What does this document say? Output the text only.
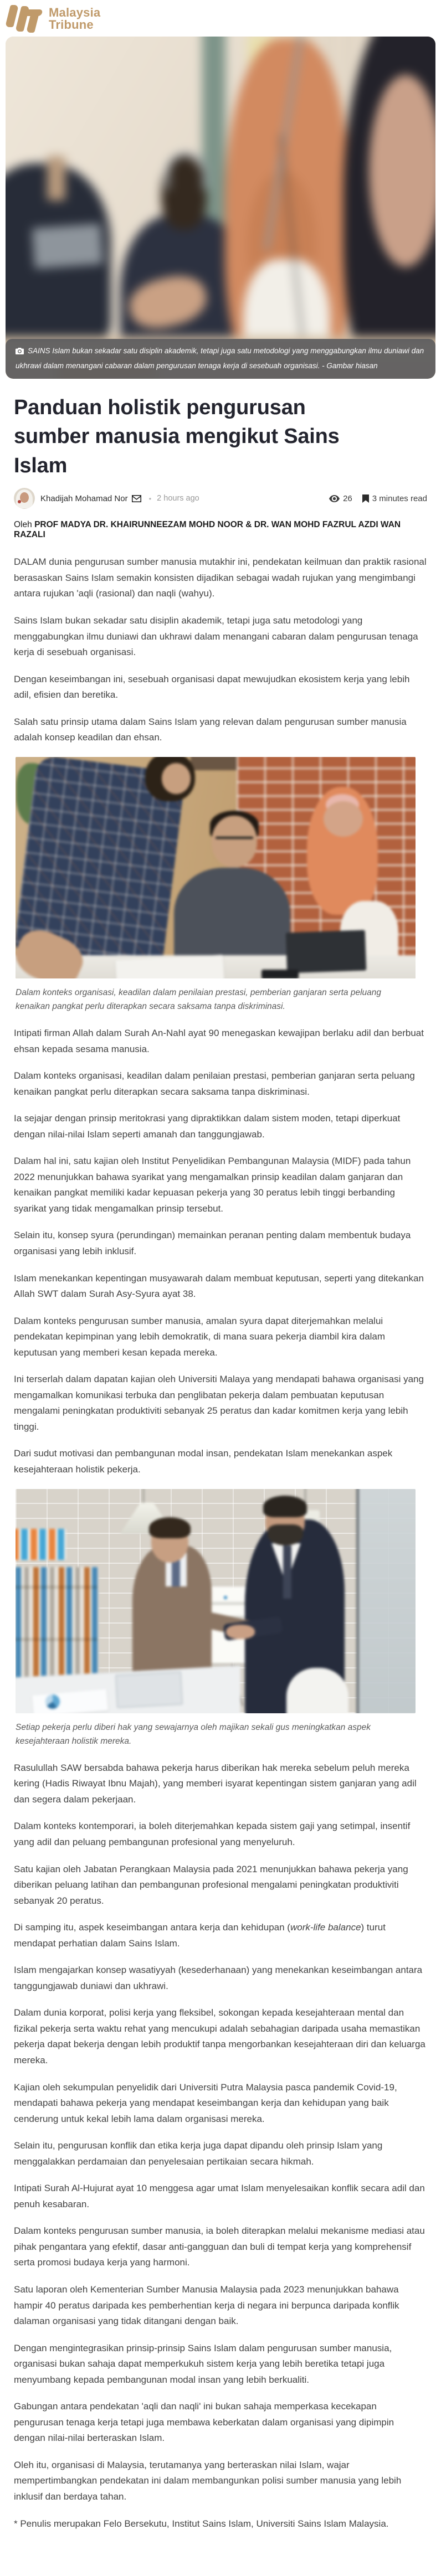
Malaysia
Tribune
SAINS Islam bukan sekadar satu disiplin akademik, tetapi juga satu metodologi yang menggabungkan ilmu duniawi dan ukhrawi dalam menangani cabaran dalam pengurusan tenaga kerja di sesebuah organisasi. - Gambar hiasan
Panduan holistik pengurusan sumber manusia mengikut Sains Islam
Khadijah Mohamad Nor	• 2 hours ago	26 3 minutes read

Oleh PROF MADYA DR. KHAIRUNNEEZAM MOHD NOOR & DR. WAN MOHD FAZRUL AZDI WAN RAZALI

DALAM dunia pengurusan sumber manusia mutakhir ini, pendekatan keilmuan dan praktik rasional berasaskan Sains Islam semakin konsisten dijadikan sebagai wadah rujukan yang mengimbangi antara rujukan 'aqli (rasional) dan naqli (wahyu).

Sains Islam bukan sekadar satu disiplin akademik, tetapi juga satu metodologi yang menggabungkan ilmu duniawi dan ukhrawi dalam menangani cabaran dalam pengurusan tenaga kerja di sesebuah organisasi.

Dengan keseimbangan ini, sesebuah organisasi dapat mewujudkan ekosistem kerja yang lebih adil, efisien dan beretika.

Salah satu prinsip utama dalam Sains Islam yang relevan dalam pengurusan sumber manusia adalah konsep keadilan dan ehsan.

Dalam konteks organisasi, keadilan dalam penilaian prestasi, pemberian ganjaran serta peluang kenaikan pangkat perlu diterapkan secara saksama tanpa diskriminasi.

Intipati firman Allah dalam Surah An-Nahl ayat 90 menegaskan kewajipan berlaku adil dan berbuat ehsan kepada sesama manusia.

Dalam konteks organisasi, keadilan dalam penilaian prestasi, pemberian ganjaran serta peluang kenaikan pangkat perlu diterapkan secara saksama tanpa diskriminasi.

Ia sejajar dengan prinsip meritokrasi yang dipraktikkan dalam sistem moden, tetapi diperkuat dengan nilai-nilai Islam seperti amanah dan tanggungjawab.

Dalam hal ini, satu kajian oleh Institut Penyelidikan Pembangunan Malaysia (MIDF) pada tahun 2022 menunjukkan bahawa syarikat yang mengamalkan prinsip keadilan dalam ganjaran dan kenaikan pangkat memiliki kadar kepuasan pekerja yang 30 peratus lebih tinggi berbanding syarikat yang tidak mengamalkan prinsip tersebut.

Selain itu, konsep syura (perundingan) memainkan peranan penting dalam membentuk budaya organisasi yang lebih inklusif.

Islam menekankan kepentingan musyawarah dalam membuat keputusan, seperti yang ditekankan Allah SWT dalam Surah Asy-Syura ayat 38.

Dalam konteks pengurusan sumber manusia, amalan syura dapat diterjemahkan melalui pendekatan kepimpinan yang lebih demokratik, di mana suara pekerja diambil kira dalam keputusan yang memberi kesan kepada mereka.

Ini terserlah dalam dapatan kajian oleh Universiti Malaya yang mendapati bahawa organisasi yang mengamalkan komunikasi terbuka dan penglibatan pekerja dalam pembuatan keputusan mengalami peningkatan produktiviti sebanyak 25 peratus dan kadar komitmen kerja yang lebih tinggi.

Dari sudut motivasi dan pembangunan modal insan, pendekatan Islam menekankan aspek kesejahteraan holistik pekerja.

Setiap pekerja perlu diberi hak yang sewajarnya oleh majikan sekali gus meningkatkan aspek kesejahteraan holistik mereka.

Rasulullah SAW bersabda bahawa pekerja harus diberikan hak mereka sebelum peluh mereka kering (Hadis Riwayat Ibnu Majah), yang memberi isyarat kepentingan sistem ganjaran yang adil dan segera dalam pekerjaan.

Dalam konteks kontemporari, ia boleh diterjemahkan kepada sistem gaji yang setimpal, insentif yang adil dan peluang pembangunan profesional yang menyeluruh.

Satu kajian oleh Jabatan Perangkaan Malaysia pada 2021 menunjukkan bahawa pekerja yang diberikan peluang latihan dan pembangunan profesional mengalami peningkatan produktiviti sebanyak 20 peratus.

Di samping itu, aspek keseimbangan antara kerja dan kehidupan (work-life balance) turut mendapat perhatian dalam Sains Islam.

Islam mengajarkan konsep wasatiyyah (kesederhanaan) yang menekankan keseimbangan antara tanggungjawab duniawi dan ukhrawi.

Dalam dunia korporat, polisi kerja yang fleksibel, sokongan kepada kesejahteraan mental dan fizikal pekerja serta waktu rehat yang mencukupi adalah sebahagian daripada usaha memastikan pekerja dapat bekerja dengan lebih produktif tanpa mengorbankan kesejahteraan diri dan keluarga mereka.

Kajian oleh sekumpulan penyelidik dari Universiti Putra Malaysia pasca pandemik Covid-19, mendapati bahawa pekerja yang mendapat keseimbangan kerja dan kehidupan yang baik cenderung untuk kekal lebih lama dalam organisasi mereka.

Selain itu, pengurusan konflik dan etika kerja juga dapat dipandu oleh prinsip Islam yang menggalakkan perdamaian dan penyelesaian pertikaian secara hikmah.

Intipati Surah Al-Hujurat ayat 10 menggesa agar umat Islam menyelesaikan konflik secara adil dan penuh kesabaran.

Dalam konteks pengurusan sumber manusia, ia boleh diterapkan melalui mekanisme mediasi atau pihak pengantara yang efektif, dasar anti-gangguan dan buli di tempat kerja yang komprehensif serta promosi budaya kerja yang harmoni.

Satu laporan oleh Kementerian Sumber Manusia Malaysia pada 2023 menunjukkan bahawa hampir 40 peratus daripada kes pemberhentian kerja di negara ini berpunca daripada konflik dalaman organisasi yang tidak ditangani dengan baik.

Dengan mengintegrasikan prinsip-prinsip Sains Islam dalam pengurusan sumber manusia, organisasi bukan sahaja dapat memperkukuh sistem kerja yang lebih beretika tetapi juga menyumbang kepada pembangunan modal insan yang lebih berkualiti.

Gabungan antara pendekatan 'aqli dan naqli' ini bukan sahaja memperkasa kecekapan pengurusan tenaga kerja tetapi juga membawa keberkatan dalam organisasi yang dipimpin dengan nilai-nilai berteraskan Islam.

Oleh itu, organisasi di Malaysia, terutamanya yang berteraskan nilai Islam, wajar mempertimbangkan pendekatan ini dalam membangunkan polisi sumber manusia yang lebih inklusif dan berdaya tahan.

* Penulis merupakan Felo Bersekutu, Institut Sains Islam, Universiti Sains Islam Malaysia.
